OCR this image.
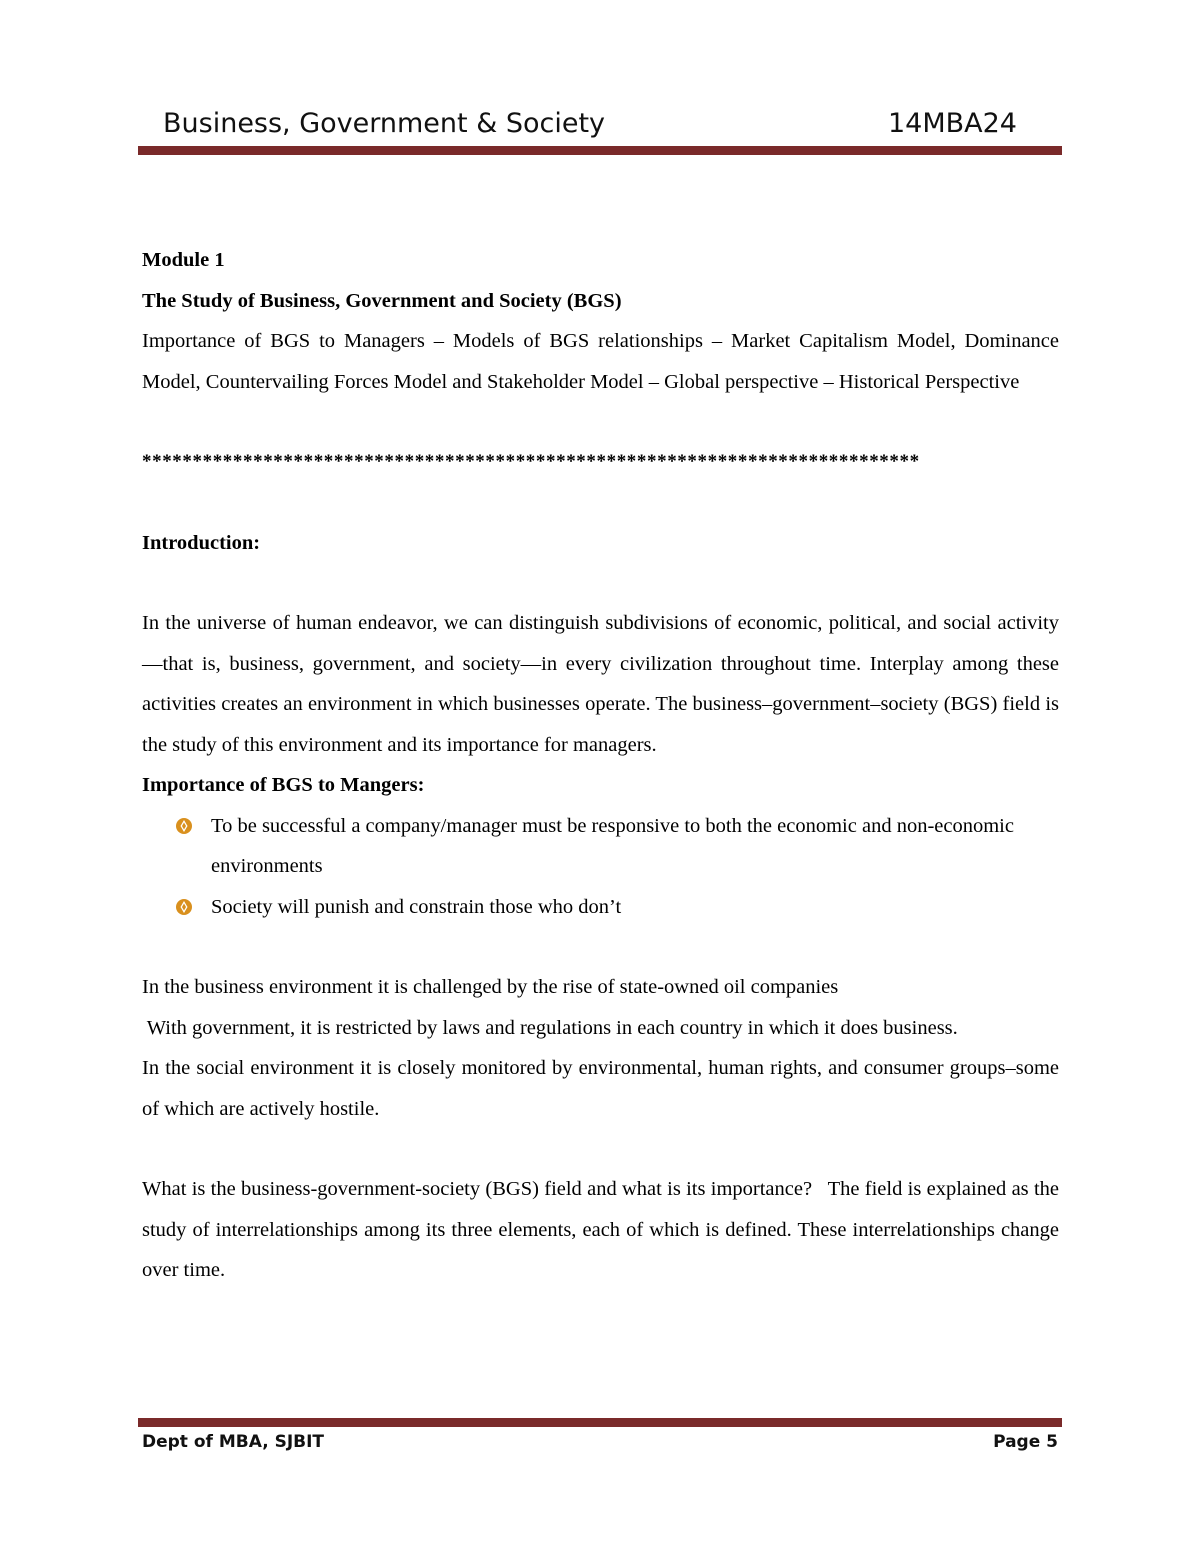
Business, Government & Society	14MBA24

Module 1

The Study of Business, Government and Society (BGS)

Importance of BGS to Managers – Models of BGS relationships – Market Capitalism Model, Dominance Model, Countervailing Forces Model and Stakeholder Model – Global perspective – Historical Perspective

*****************************************************************************

Introduction:

In the universe of human endeavor, we can distinguish subdivisions of economic, political, and social activity—that is, business, government, and society—in every civilization throughout time. Interplay among these activities creates an environment in which businesses operate. The business–government–society (BGS) field is the study of this environment and its importance for managers.

Importance of BGS to Mangers:

To be successful a company/manager must be responsive to both the economic and non-economic environments
Society will punish and constrain those who don’t

In the business environment it is challenged by the rise of state-owned oil companies

With government, it is restricted by laws and regulations in each country in which it does business.

In the social environment it is closely monitored by environmental, human rights, and consumer groups–some of which are actively hostile.

What is the business-government-society (BGS) field and what is its importance?   The field is explained as the study of interrelationships among its three elements, each of which is defined. These interrelationships change over time.

Dept of MBA, SJBIT	Page 5
